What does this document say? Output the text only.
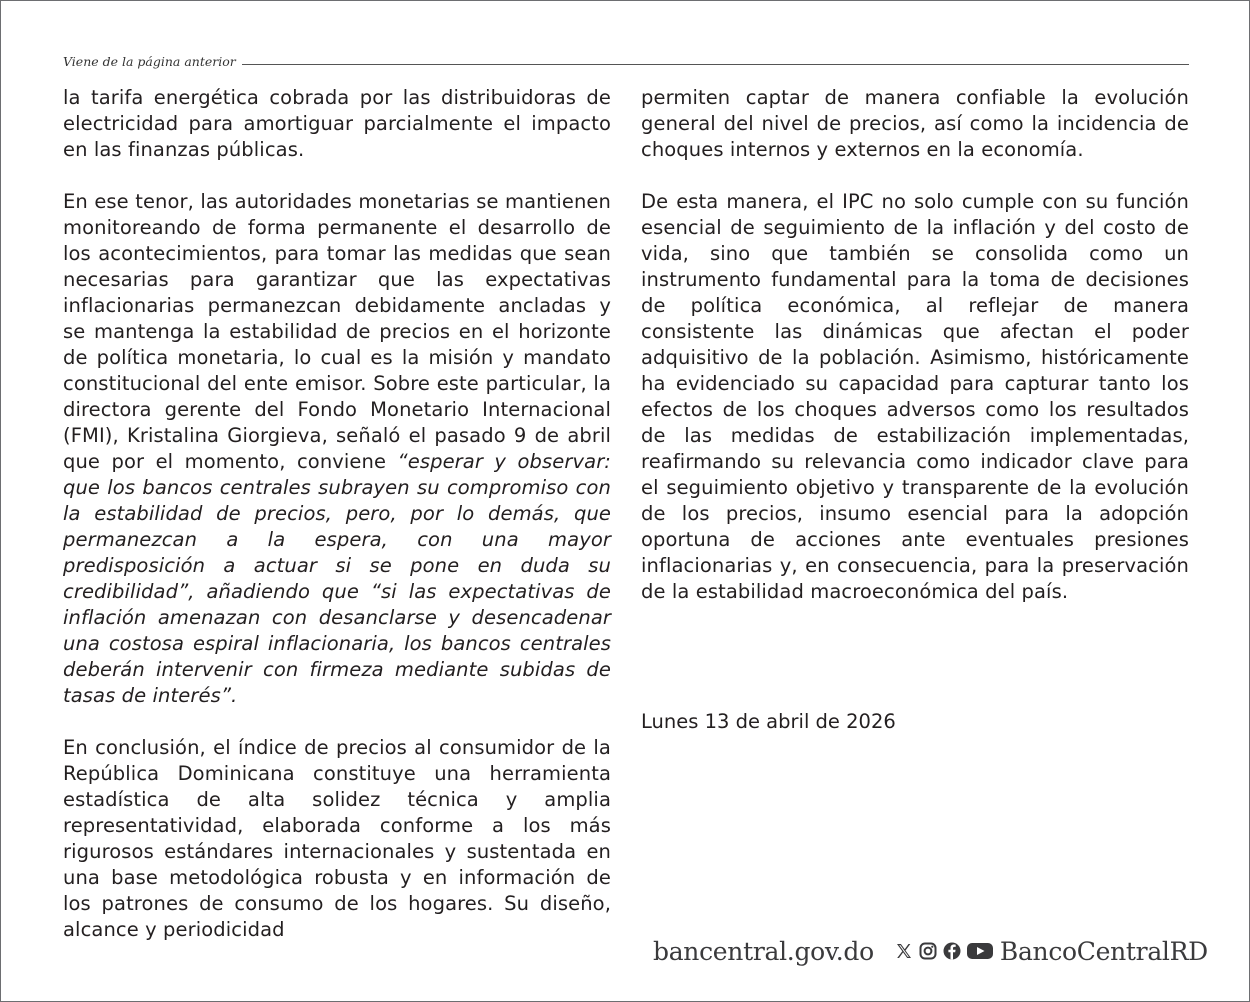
Viene de la página anterior

la tarifa energética cobrada por las distribuidoras de electricidad para amortiguar parcialmente el impacto en las finanzas públicas.

En ese tenor, las autoridades monetarias se mantienen monitoreando de forma permanente el desarrollo de los acontecimientos, para tomar las medidas que sean necesarias para garantizar que las expectativas inflacionarias permanezcan debidamente ancladas y se mantenga la estabilidad de precios en el horizonte de política monetaria, lo cual es la misión y mandato constitucional del ente emisor. Sobre este particular, la directora gerente del Fondo Monetario Internacional (FMI), Kristalina Giorgieva, señaló el pasado 9 de abril que por el momento, conviene “esperar y observar: que los bancos centrales subrayen su compromiso con la estabilidad de precios, pero, por lo demás, que permanezcan a la espera, con una mayor predisposición a actuar si se pone en duda su credibilidad”, añadiendo que “si las expectativas de inflación amenazan con desanclarse y desencadenar una costosa espiral inflacionaria, los bancos centrales deberán intervenir con firmeza mediante subidas de tasas de interés”.

En conclusión, el índice de precios al consumidor de la República Dominicana constituye una herramienta estadística de alta solidez técnica y amplia representatividad, elaborada conforme a los más rigurosos estándares internacionales y sustentada en una base metodológica robusta y en información de los patrones de consumo de los hogares. Su diseño, alcance y periodicidad

permiten captar de manera confiable la evolución general del nivel de precios, así como la incidencia de choques internos y externos en la economía.

De esta manera, el IPC no solo cumple con su función esencial de seguimiento de la inflación y del costo de vida, sino que también se consolida como un instrumento fundamental para la toma de decisiones de política económica, al reflejar de manera consistente las dinámicas que afectan el poder adquisitivo de la población. Asimismo, históricamente ha evidenciado su capacidad para capturar tanto los efectos de los choques adversos como los resultados de las medidas de estabilización implementadas, reafirmando su relevancia como indicador clave para el seguimiento objetivo y transparente de la evolución de los precios, insumo esencial para la adopción oportuna de acciones ante eventuales presiones inflacionarias y, en consecuencia, para la preservación de la estabilidad macroeconómica del país.

Lunes 13 de abril de 2026
bancentral.gov.do	BancoCentralRD
